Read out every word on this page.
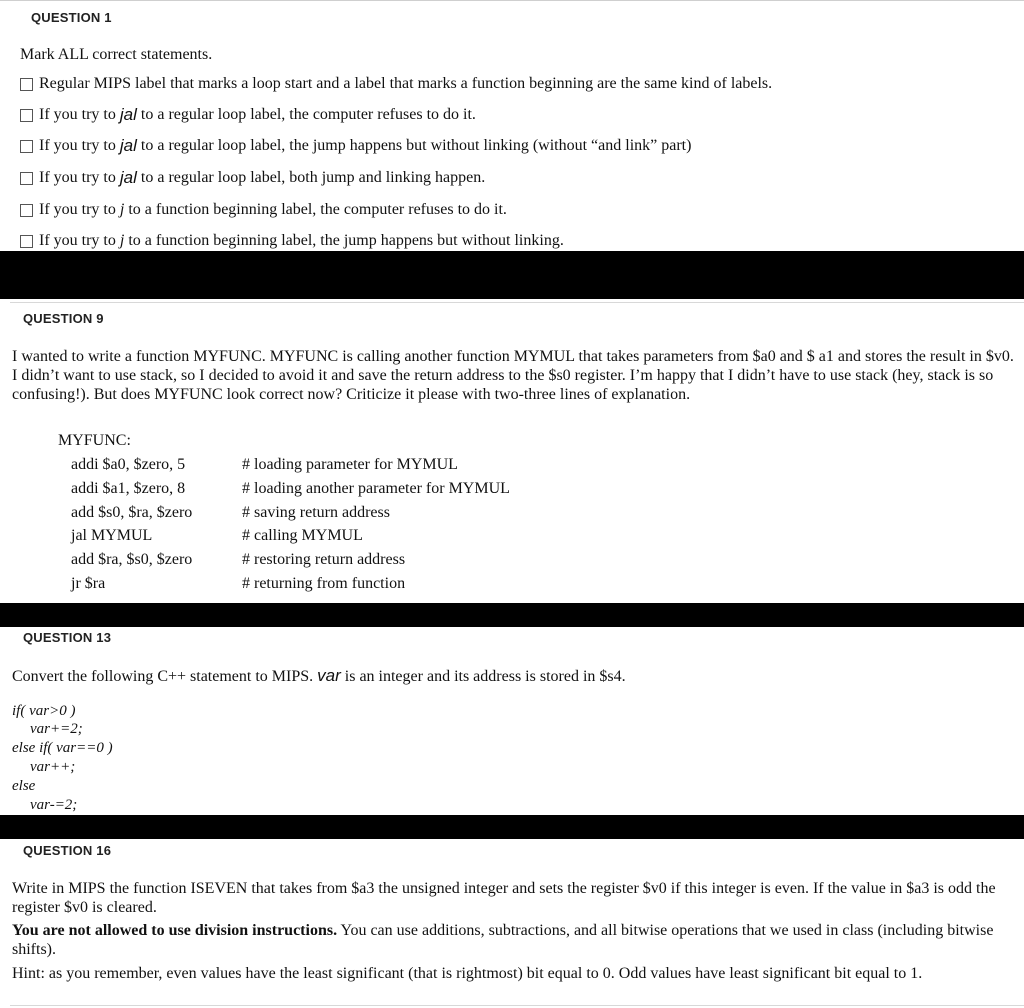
QUESTION 1
Mark ALL correct statements.
Regular MIPS label that marks a loop start and a label that marks a function beginning are the same kind of labels.
If you try to jal to a regular loop label, the computer refuses to do it.
If you try to jal to a regular loop label, the jump happens but without linking (without “and link” part)
If you try to jal to a regular loop label, both jump and linking happen.
If you try to j to a function beginning label, the computer refuses to do it.
If you try to j to a function beginning label, the jump happens but without linking.
QUESTION 9
I wanted to write a function MYFUNC. MYFUNC is calling another function MYMUL that takes parameters from $a0 and $ a1 and stores the result in $v0. I didn’t want to use stack, so I decided to avoid it and save the return address to the $s0 register. I’m happy that I didn’t have to use stack (hey, stack is so confusing!). But does MYFUNC look correct now? Criticize it please with two-three lines of explanation.
MYFUNC:
addi $a0, $zero, 5	# loading parameter for MYMUL
addi $a1, $zero, 8	# loading another parameter for MYMUL
add $s0, $ra, $zero	# saving return address
jal MYMUL	# calling MYMUL
add $ra, $s0, $zero	# restoring return address
jr $ra	# returning from function
QUESTION 13
Convert the following C++ statement to MIPS. var is an integer and its address is stored in $s4.
if( var>0 )
var+=2;
else if( var==0 )
var++;
else
var-=2;
QUESTION 16
Write in MIPS the function ISEVEN that takes from $a3 the unsigned integer and sets the register $v0 if this integer is even. If the value in $a3 is odd the register $v0 is cleared.
You are not allowed to use division instructions. You can use additions, subtractions, and all bitwise operations that we used in class (including bitwise shifts).
Hint: as you remember, even values have the least significant (that is rightmost) bit equal to 0. Odd values have least significant bit equal to 1.
